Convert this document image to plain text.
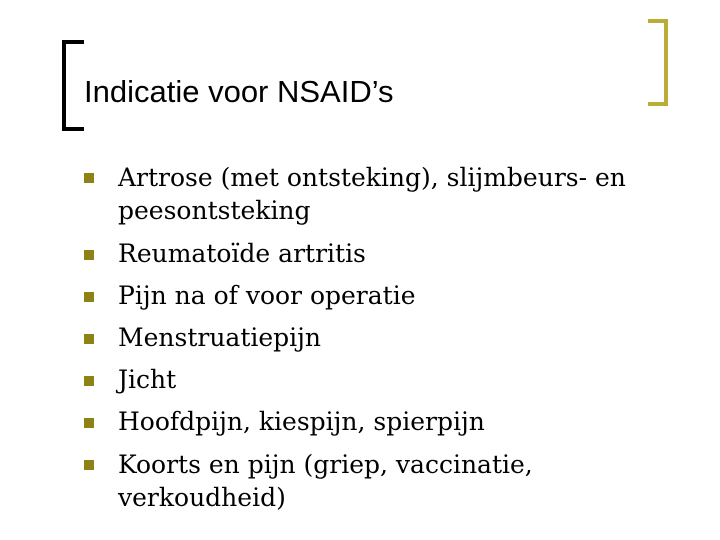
Indicatie voor NSAID’s
Artrose (met ontsteking), slijmbeurs- en peesontsteking
Reumatoïde artritis
Pijn na of voor operatie
Menstruatiepijn
Jicht
Hoofdpijn, kiespijn, spierpijn
Koorts en pijn (griep, vaccinatie, verkoudheid)
